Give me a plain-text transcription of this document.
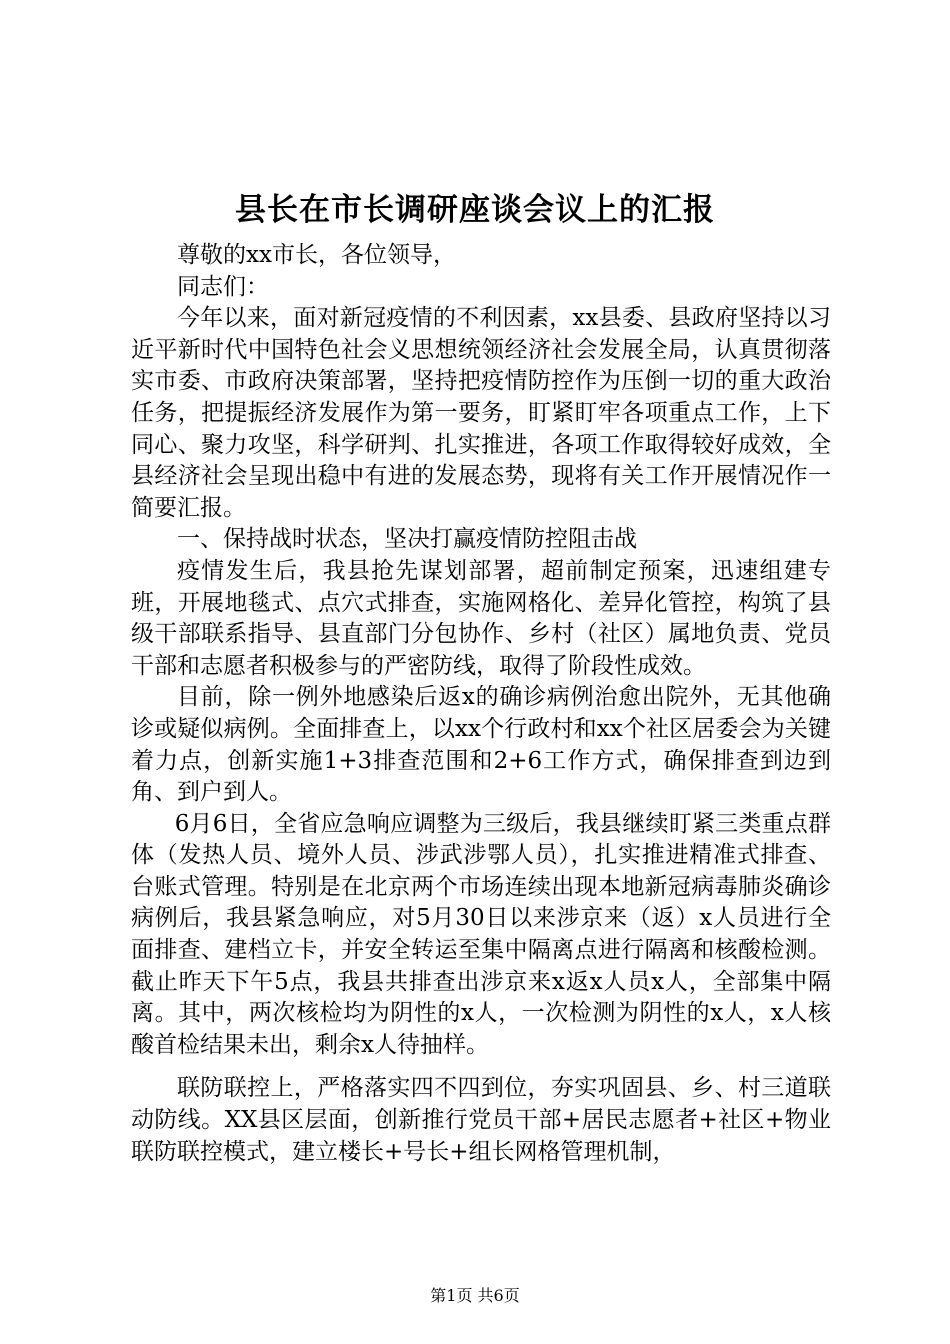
县长在市长调研座谈会议上的汇报

尊敬的xx市长，各位领导，

同志们：

今年以来，面对新冠疫情的不利因素，xx县委、县政府坚持以习近平新时代中国特色社会义思想统领经济社会发展全局，认真贯彻落实市委、市政府决策部署，坚持把疫情防控作为压倒一切的重大政治任务，把提振经济发展作为第一要务，盯紧盯牢各项重点工作，上下同心、聚力攻坚，科学研判、扎实推进，各项工作取得较好成效，全县经济社会呈现出稳中有进的发展态势，现将有关工作开展情况作一简要汇报。

一、保持战时状态，坚决打赢疫情防控阻击战

疫情发生后，我县抢先谋划部署，超前制定预案，迅速组建专班，开展地毯式、点穴式排查，实施网格化、差异化管控，构筑了县级干部联系指导、县直部门分包协作、乡村（社区）属地负责、党员干部和志愿者积极参与的严密防线，取得了阶段性成效。

目前，除一例外地感染后返x的确诊病例治愈出院外，无其他确诊或疑似病例。全面排查上，以xx个行政村和xx个社区居委会为关键着力点，创新实施1+3排查范围和2+6工作方式，确保排查到边到角、到户到人。

6月6日，全省应急响应调整为三级后，我县继续盯紧三类重点群体（发热人员、境外人员、涉武涉鄂人员），扎实推进精准式排查、台账式管理。特别是在北京两个市场连续出现本地新冠病毒肺炎确诊病例后，我县紧急响应，对5月30日以来涉京来（返）x人员进行全面排查、建档立卡，并安全转运至集中隔离点进行隔离和核酸检测。截止昨天下午5点，我县共排查出涉京来x返x人员x人，全部集中隔离。其中，两次核检均为阴性的x人，一次检测为阴性的x人，x人核酸首检结果未出，剩余x人待抽样。

联防联控上，严格落实四不四到位，夯实巩固县、乡、村三道联动防线。XX县区层面，创新推行党员干部+居民志愿者+社区+物业联防联控模式，建立楼长+号长+组长网格管理机制，

第1页 共6页
